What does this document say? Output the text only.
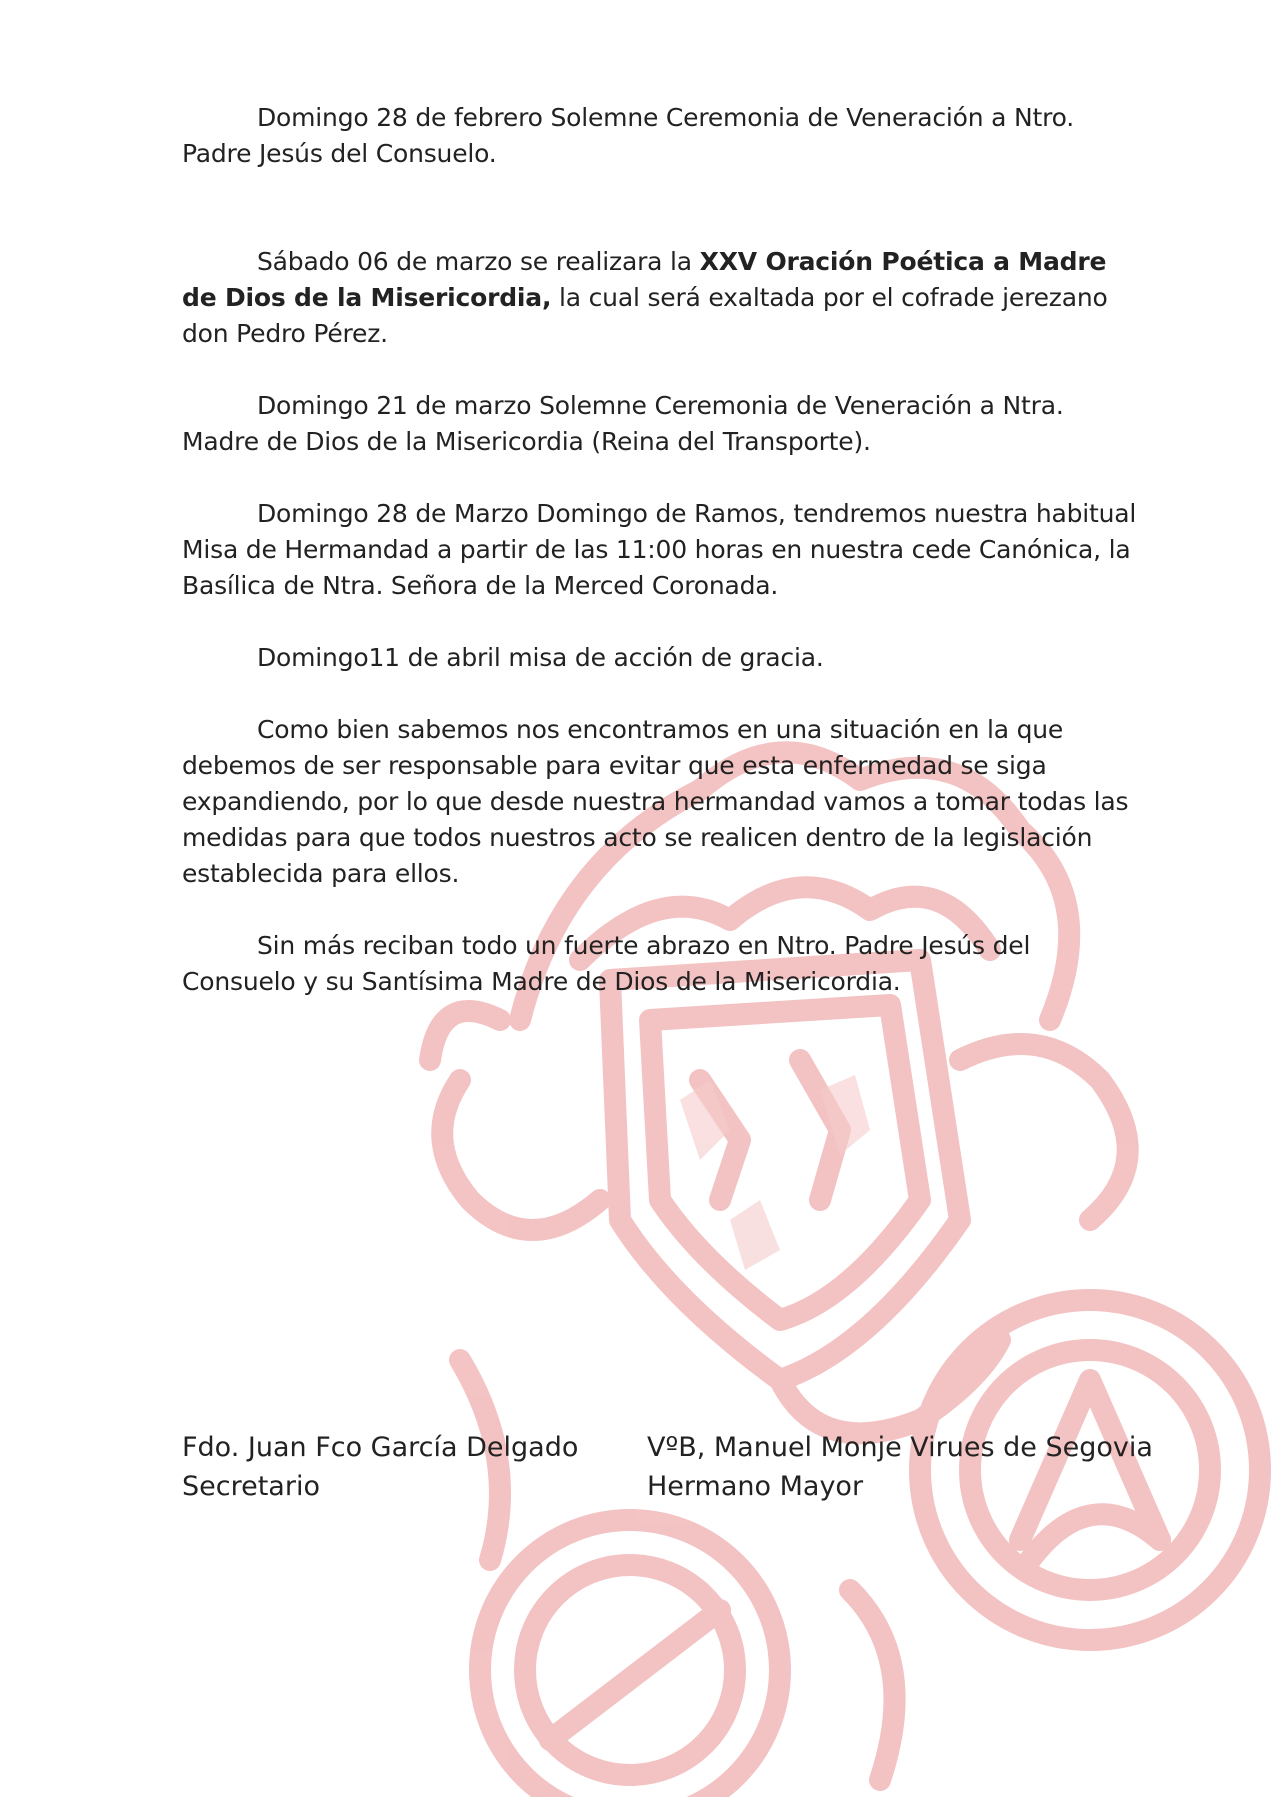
Domingo 28 de febrero Solemne Ceremonia de Veneración a Ntro. Padre Jesús del Consuelo.

Sábado 06 de marzo se realizara la XXV Oración Poética a Madre de Dios de la Misericordia, la cual será exaltada por el cofrade jerezano don Pedro Pérez.

Domingo 21 de marzo Solemne Ceremonia de Veneración a Ntra. Madre de Dios de la Misericordia (Reina del Transporte).

Domingo 28 de Marzo Domingo de Ramos, tendremos nuestra habitual Misa de Hermandad a partir de las 11:00 horas en nuestra cede Canónica, la Basílica de Ntra. Señora de la Merced Coronada.

Domingo11 de abril misa de acción de gracia.

Como bien sabemos nos encontramos en una situación en la que debemos de ser responsable para evitar que esta enfermedad se siga expandiendo, por lo que desde nuestra hermandad vamos a tomar todas las medidas para que todos nuestros acto se realicen dentro de la legislación establecida para ellos.

Sin más reciban todo un fuerte abrazo en Ntro. Padre Jesús del Consuelo y su Santísima Madre de Dios de la Misericordia.

Fdo. Juan Fco García Delgado
Secretario
VºB, Manuel Monje Virues de Segovia
Hermano Mayor
